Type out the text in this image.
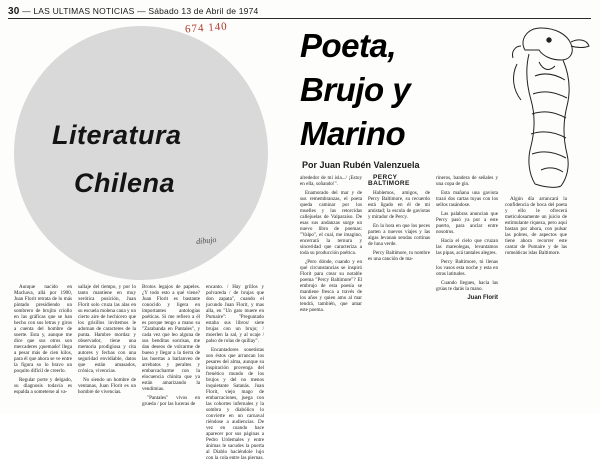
30 — LAS ULTIMAS NOTICIAS — Sábado 13 de Abril de 1974
674 140
Literatura
Chilena
dibujo
Poeta,
Brujo y
Marino
Por Juan Rubén Valenzuela

Aunque nacido en Machava, allá por 1900, Juan Florit retrata de lo más pintado presidiendo un sombrero de brujito criollo en las gráficas que se han hecho con sus letras y giros a cuenta del hombre de suerte. Esta y, aunque me dice que sus otros son mercaderes ¡quemado! llega a pesar más de cien kilos, para él que ahora se ve entre la figura so lo bravo un poquito difícil de creerlo.

Regular porte y delgado, su diagnosis todavía es espalda a someterse al va-

sallaje del tiempo, y por lo tanto mantiene en muy xerótica posición, Juan Florit solo cruza las alas en su escuela molena cana y un cierto aire de hechicero que los grisillos invitemos le adornan de caracteres de la punta. Hambre mordaz y observador, tiene una memoria prodigiosa y cita autores y fechas con una seguridad envidiable, datos que están amasados, crónica, vivencias.

No siendo un hombre de ventanas, Juan Florit es un hombre de vivencias.

Brotos legajos de papeles. ¿Y todo esto a qué viene? Juan Florit es bastante conocido y ligera en importantes antologías poéticas. Si me refiero a él es porque tengo a mano su "Zarabanda en Pantales", y cada vez que leo alguna de sus benditas sonrisas, me dan deseos de volcarme de bueso y llegar a la tierra de las huertas a barlanveo de arrebatos y peraltes y embarcacharme con la elocuencia chinita que ya están amarizando la vendimias.

"Pantales" vivos en grueda / por las luceras de

encanto. / Hay grillos y polvareda / de brujas que don zapata", cuando el jucundo Juan Florit, y mas alla, en "Un gato muere en Pumaire": "Preguntado estaba sus libros/ siete brujas con un brujo; / moerlen la sal, y al ocaje / palso de rolas de quillay".

Encantadores sonetistas son éstos que arrancan los pesares del alma, aunque su inspiración provenga del frenético mundo de los brujos y del no menos inquietante Satanás. Juan Florit, viejo mago de embarcaciones, juega con las cohortes infernales y la sombra y diabólico lo convierte en un carnaval riéndose a audiencias. De vez en cuando hace aparecer por sus páginas a Pedro Urdemales y entre ánimas le sacudes la puerta al Diablo haciéndole lujo con la cola entre las piernas.

alrededor de mi isla.../ ¡Estoy en ella, soñando!".

Enamorado del mar y de sus remembranzas, el poeta queda caminar por los muelles y las retorcidas callejuelas de Valparaíso. De esas sus andanzas surge un nuevo libro de poemas: "Valpo", el cual, me imagino, encerrará la ternura y sinceridad que caracteriza a toda su producción poética.

¿Pero dónde, cuando y en qué circunstancias se inspiró Florit para crear su notable poema "Percy Baltimore"? El embrujo de esta poesía se mantiene fresca a través de los años y quien amo al mar tendrá, también, que amar este poema.

PERCY BALTIMORE

Hablemos, amigos, de Percy Baltimore, su recuerdo está ligado en él de mi amistad; la escola de gaviotas y mirador de Percy.

En la hora en que los peces parten a nuevos viajes y las algas levanan sendas cortinas de luna verde.

Percy Baltimore, tu nombre es una canción de ma-

rineros, bandera de señales y una copa de gin.

Esta mañana una gaviota trazó dos cartas tuyas con los sellos rasándose.

Las palabras anuncian que Percy pasó ya por a este puerto, para anclar entre nosotros.

Hacía el cielo que cruzan las mareolegas, levantamos las pipas, acá tantales alegres.

Percy Baltimore, tú llenas los vasos esta noche y esta en otras latitudes.

Cuando llegues, hacia las grúas te darás la mano.

Juan Florit

Algún día arrancará la confidencia de boca del poeta y ello le ofrecerá meticulosamente un juicio de estimulante riqueza, pero aquí bastan por ahora, con pulsar las pobres, de aspectos que tiene ahora recorrer este cantar de Pumaire y de las romeáticas islas Baltimore.
